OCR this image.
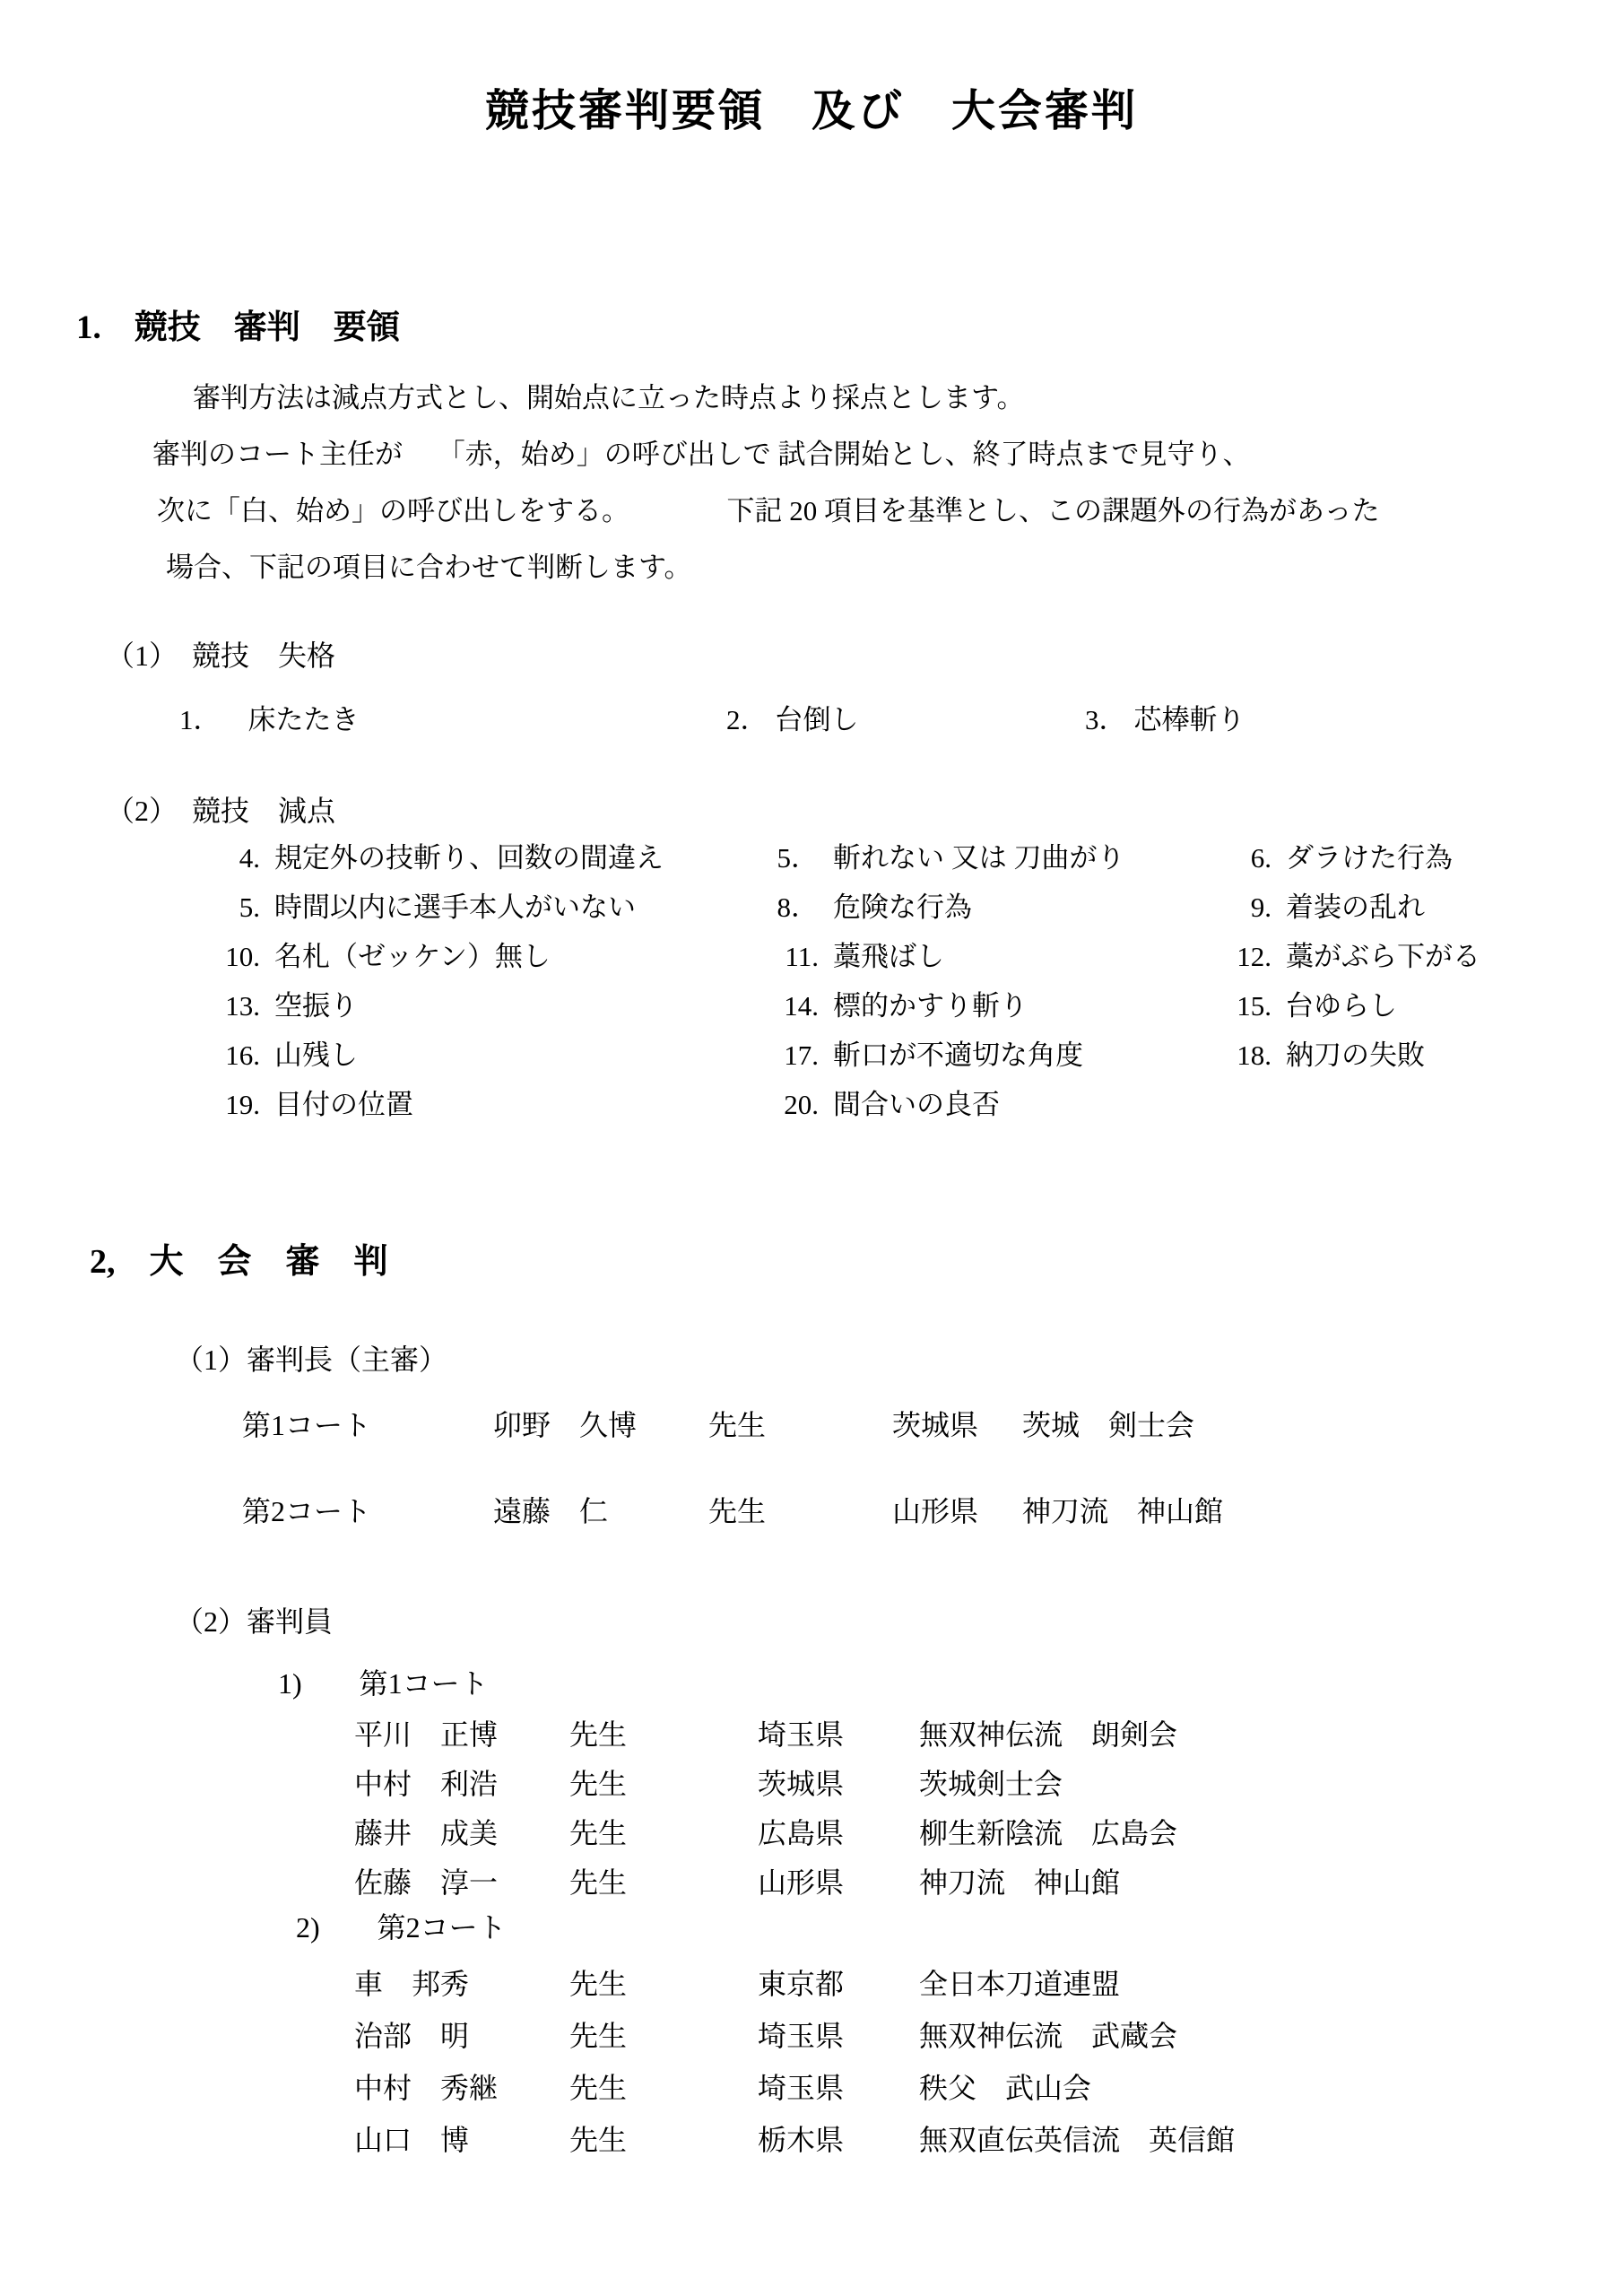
競技審判要領　及び　大会審判
1.　競技　審判　要領

審判方法は減点方式とし、開始点に立った時点より採点とします。

審判のコート主任が　 「赤，始め」の呼び出しで 試合開始とし、終了時点まで見守り、

次に「白、始め」の呼び出しをする。　　　　下記 20 項目を基準とし、この課題外の行為があった

場合、下記の項目に合わせて判断します。

（1）　競技　失格
1． 床たたき	2． 台倒し	3． 芯棒斬り
（2）　競技　減点
4. 規定外の技斬り、回数の間違え	5． 斬れない 又は 刀曲がり	6. ダラけた行為
5. 時間以内に選手本人がいない	8． 危険な行為	9. 着装の乱れ
10. 名札（ゼッケン）無し	11. 藁飛ばし	12. 藁がぶら下がる
13. 空振り	14. 標的かすり斬り	15. 台ゆらし
16. 山残し	17. 斬口が不適切な角度	18. 納刀の失敗
19. 目付の位置	20. 間合いの良否
2,　大　会　審　判
（1）審判長（主審）
第1コート	卯野　久博	先生	茨城県	茨城　剣士会
第2コート	遠藤　仁	先生	山形県	神刀流　神山館
（2）審判員
1)　　第1コート
平川　正博	先生	埼玉県	無双神伝流　朗剣会
中村　利浩	先生	茨城県	茨城剣士会
藤井　成美	先生	広島県	柳生新陰流　広島会
佐藤　淳一	先生	山形県	神刀流　神山館
2)　　第2コート
車　邦秀	先生	東京都	全日本刀道連盟
治部　明	先生	埼玉県	無双神伝流　武蔵会
中村　秀継	先生	埼玉県	秩父　武山会
山口　博	先生	栃木県	無双直伝英信流　英信館
